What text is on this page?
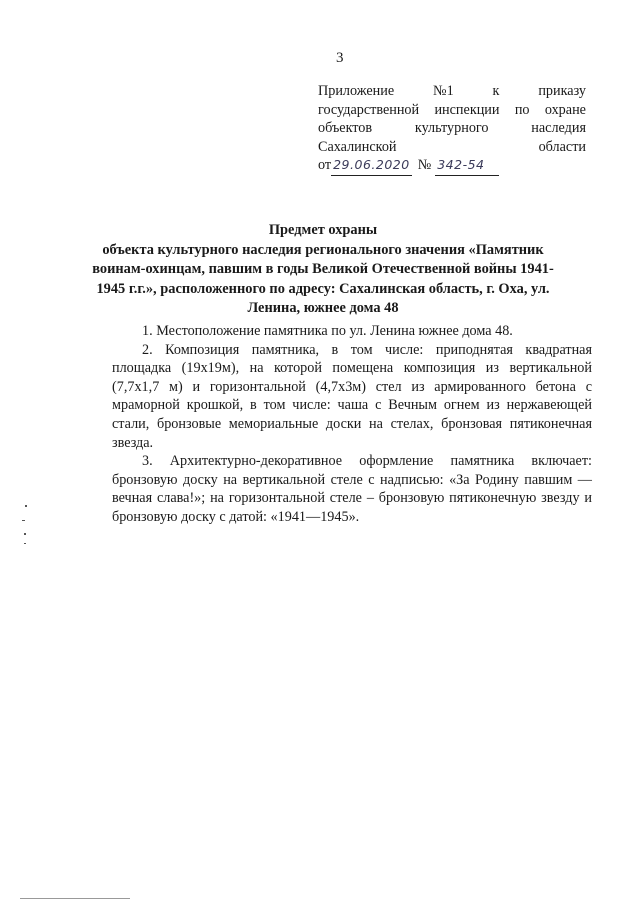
3
Приложение	№1	к	приказу
государственной инспекции по охране
объектов	культурного	наследия
Сахалинской	области
от 29.06.2020 № 342-54
Предмет охраны
объекта культурного наследия регионального значения «Памятник воинам-охинцам, павшим в годы Великой Отечественной войны 1941-1945 г.г.», расположенного по адресу: Сахалинская область, г. Оха, ул. Ленина, южнее дома 48

1. Местоположение памятника по ул. Ленина южнее дома 48.

2. Композиция памятника, в том числе: приподнятая квадратная площадка (19х19м), на которой помещена композиция из вертикальной (7,7х1,7 м) и горизонтальной (4,7х3м) стел из армированного бетона с мраморной крошкой, в том числе: чаша с Вечным огнем из нержавеющей стали, бронзовые мемориальные доски на стелах, бронзовая пятиконечная звезда.

3. Архитектурно-декоративное оформление памятника включает: бронзовую доску на вертикальной стеле с надписью: «За Родину павшим — вечная слава!»; на горизонтальной стеле – бронзовую пятиконечную звезду и бронзовую доску с датой: «1941—1945».
